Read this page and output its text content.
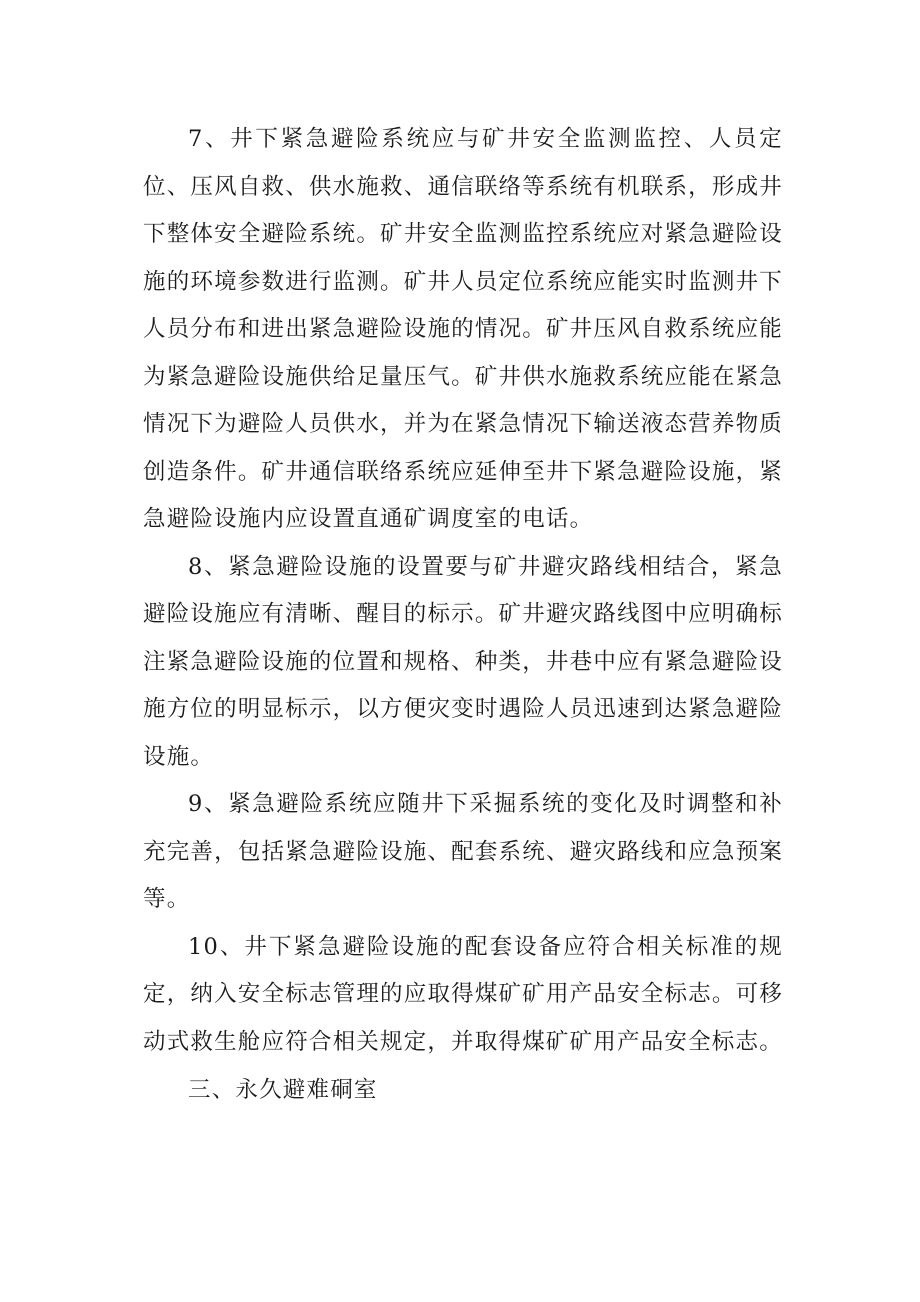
7、井下紧急避险系统应与矿井安全监测监控、人员定位、压风自救、供水施救、通信联络等系统有机联系，形成井下整体安全避险系统。矿井安全监测监控系统应对紧急避险设施的环境参数进行监测。矿井人员定位系统应能实时监测井下人员分布和进出紧急避险设施的情况。矿井压风自救系统应能为紧急避险设施供给足量压气。矿井供水施救系统应能在紧急情况下为避险人员供水，并为在紧急情况下输送液态营养物质创造条件。矿井通信联络系统应延伸至井下紧急避险设施，紧急避险设施内应设置直通矿调度室的电话。

8、紧急避险设施的设置要与矿井避灾路线相结合，紧急避险设施应有清晰、醒目的标示。矿井避灾路线图中应明确标注紧急避险设施的位置和规格、种类，井巷中应有紧急避险设施方位的明显标示，以方便灾变时遇险人员迅速到达紧急避险设施。

9、紧急避险系统应随井下采掘系统的变化及时调整和补充完善，包括紧急避险设施、配套系统、避灾路线和应急预案等。

10、井下紧急避险设施的配套设备应符合相关标准的规定，纳入安全标志管理的应取得煤矿矿用产品安全标志。可移动式救生舱应符合相关规定，并取得煤矿矿用产品安全标志。

三、永久避难硐室
